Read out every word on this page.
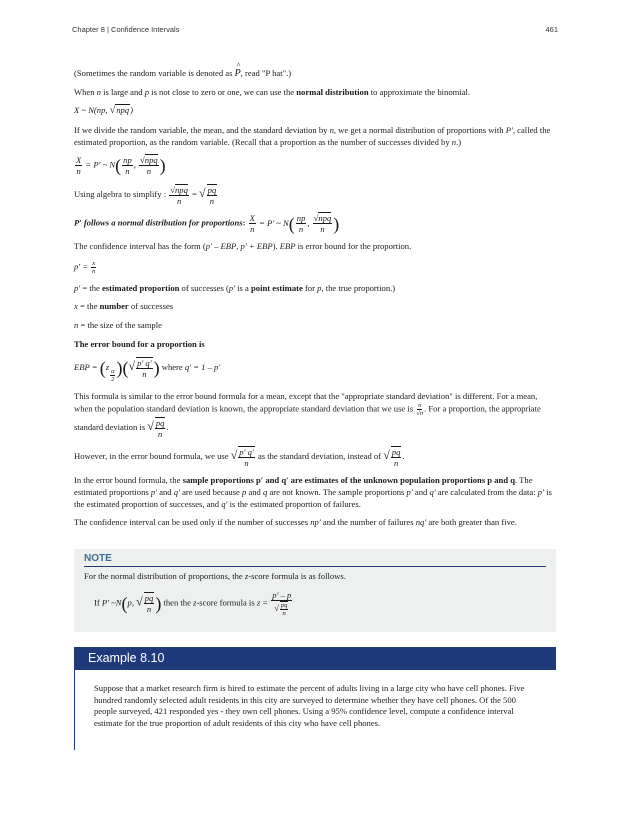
Chapter 8 | Confidence Intervals	461

(Sometimes the random variable is denoted as
^
P, read "P hat".)

When n is large and p is not close to zero or one, we can use the normal distribution to approximate the binomial.

X ~ N(np, √npq)

If we divide the random variable, the mean, and the standard deviation by n, we get a normal distribution of proportions with P′, called the estimated proportion, as the random variable. (Recall that a proportion as the number of successes divided by n.)

$\frac{X}{n} = P'$ ~ $N( \frac{np}{n}$ , $\frac{\text{√npq}}{n}$ )

Using algebra to simplify : $\frac{\text{√npq}}{n}$ = √ $\frac{pq}{n}$

P′ follows a normal distribution for proportions: $\frac{X}{n} = P'$ ~ $N( \frac{np}{n}$ , $\frac{\text{√npq}}{n}$ )

The confidence interval has the form (p′ – EBP, p′ + EBP). EBP is error bound for the proportion.

$p' = \frac{x}{n}$

p′ = the estimated proportion of successes (p′ is a point estimate for p, the true proportion.)

x = the number of successes

n = the size of the sample

The error bound for a proportion is

EBP = (z
$\frac{\alpha}{2}$ )(√ $\frac{p' q'}{n}$ ) where q′ = 1 – p′

This formula is similar to the error bound formula for a mean, except that the "appropriate standard deviation" is different. For a mean, when the population standard deviation is known, the appropriate standard deviation that we use is $\frac{\sigma}{√n}$ . For a proportion, the appropriate standard deviation is √ $\frac{pq}{n}$ .

However, in the error bound formula, we use √ $\frac{p' q'}{n}$ as the standard deviation, instead of √ $\frac{pq}{n}$ .

In the error bound formula, the sample proportions p′ and q′ are estimates of the unknown population proportions p and q. The estimated proportions p′ and q′ are used because p and q are not known. The sample proportions p′ and q′ are calculated from the data: p′ is the estimated proportion of successes, and q′ is the estimated proportion of failures.

The confidence interval can be used only if the number of successes np′ and the number of failures nq′ are both greater than five.

NOTE

For the normal distribution of proportions, the z-score formula is as follows.

If P′ ~N(p, √ $\frac{pq}{n}$ ) then the z-score formula is $z = \frac{p' - p}{√ \frac{pq}{n}}$
Example 8.10
Suppose that a market research firm is hired to estimate the percent of adults living in a large city who have cell phones. Five hundred randomly selected adult residents in this city are surveyed to determine whether they have cell phones. Of the 500 people surveyed, 421 responded yes - they own cell phones. Using a 95% confidence level, compute a confidence interval estimate for the true proportion of adult residents of this city who have cell phones.
